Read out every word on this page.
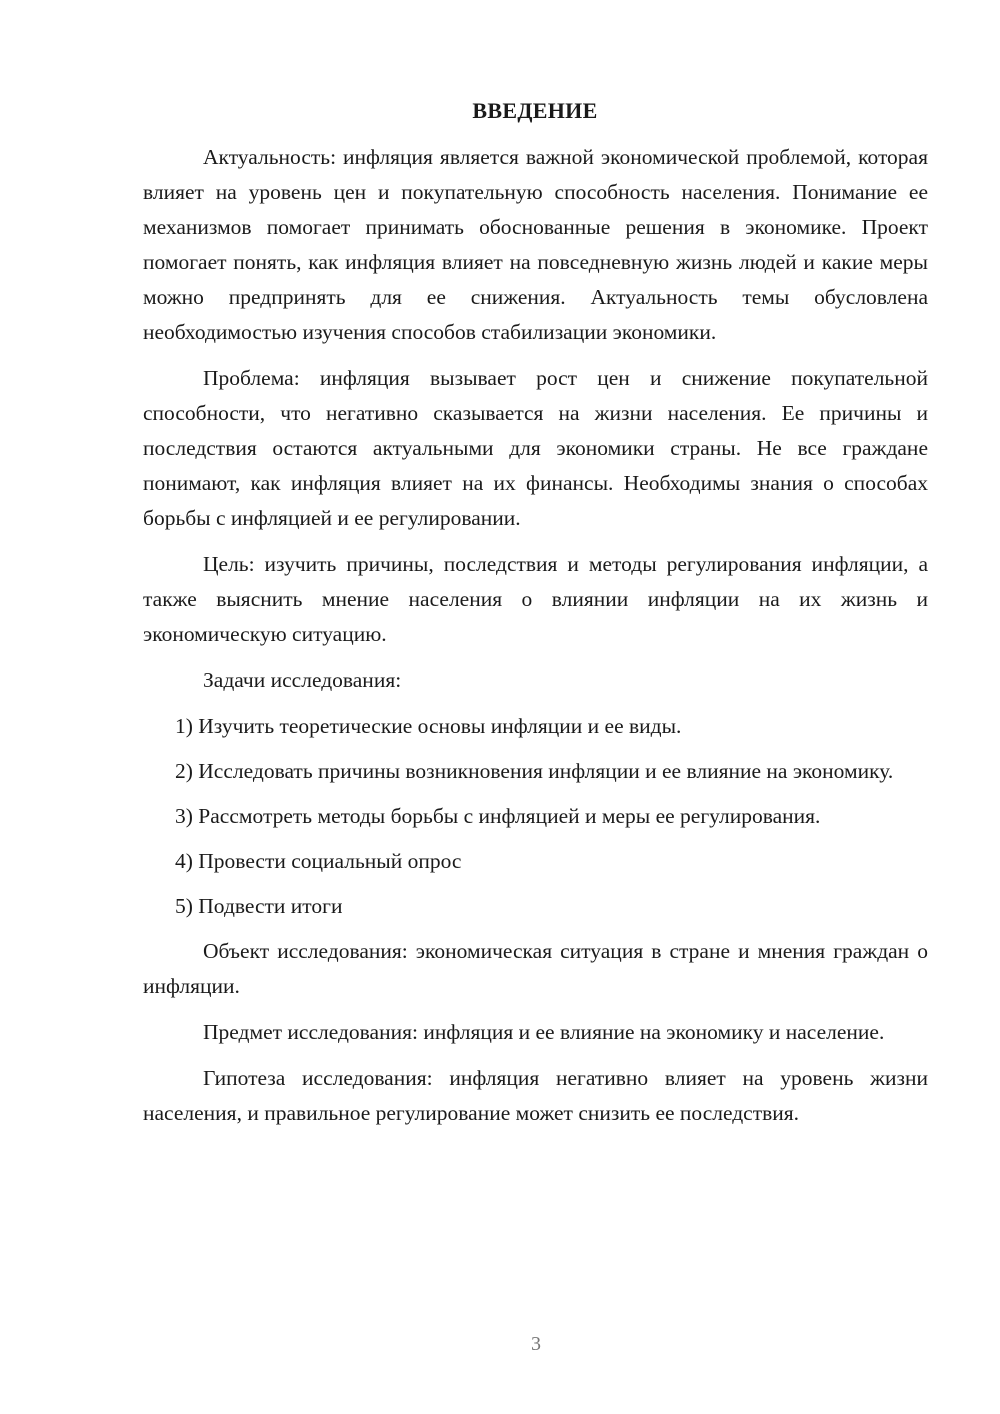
ВВЕДЕНИЕ

Актуальность: инфляция является важной экономической проблемой, которая влияет на уровень цен и покупательную способность населения. Понимание ее механизмов помогает принимать обоснованные решения в экономике. Проект помогает понять, как инфляция влияет на повседневную жизнь людей и какие меры можно предпринять для ее снижения. Актуальность темы обусловлена необходимостью изучения способов стабилизации экономики.

Проблема: инфляция вызывает рост цен и снижение покупательной способности, что негативно сказывается на жизни населения. Ее причины и последствия остаются актуальными для экономики страны. Не все граждане понимают, как инфляция влияет на их финансы. Необходимы знания о способах борьбы с инфляцией и ее регулировании.

Цель: изучить причины, последствия и методы регулирования инфляции, а также выяснить мнение населения о влиянии инфляции на их жизнь и экономическую ситуацию.

Задачи исследования:

1) Изучить теоретические основы инфляции и ее виды.

2) Исследовать причины возникновения инфляции и ее влияние на экономику.

3) Рассмотреть методы борьбы с инфляцией и меры ее регулирования.

4) Провести социальный опрос

5) Подвести итоги

Объект исследования: экономическая ситуация в стране и мнения граждан о инфляции.

Предмет исследования: инфляция и ее влияние на экономику и население.

Гипотеза исследования: инфляция негативно влияет на уровень жизни населения, и правильное регулирование может снизить ее последствия.

3
